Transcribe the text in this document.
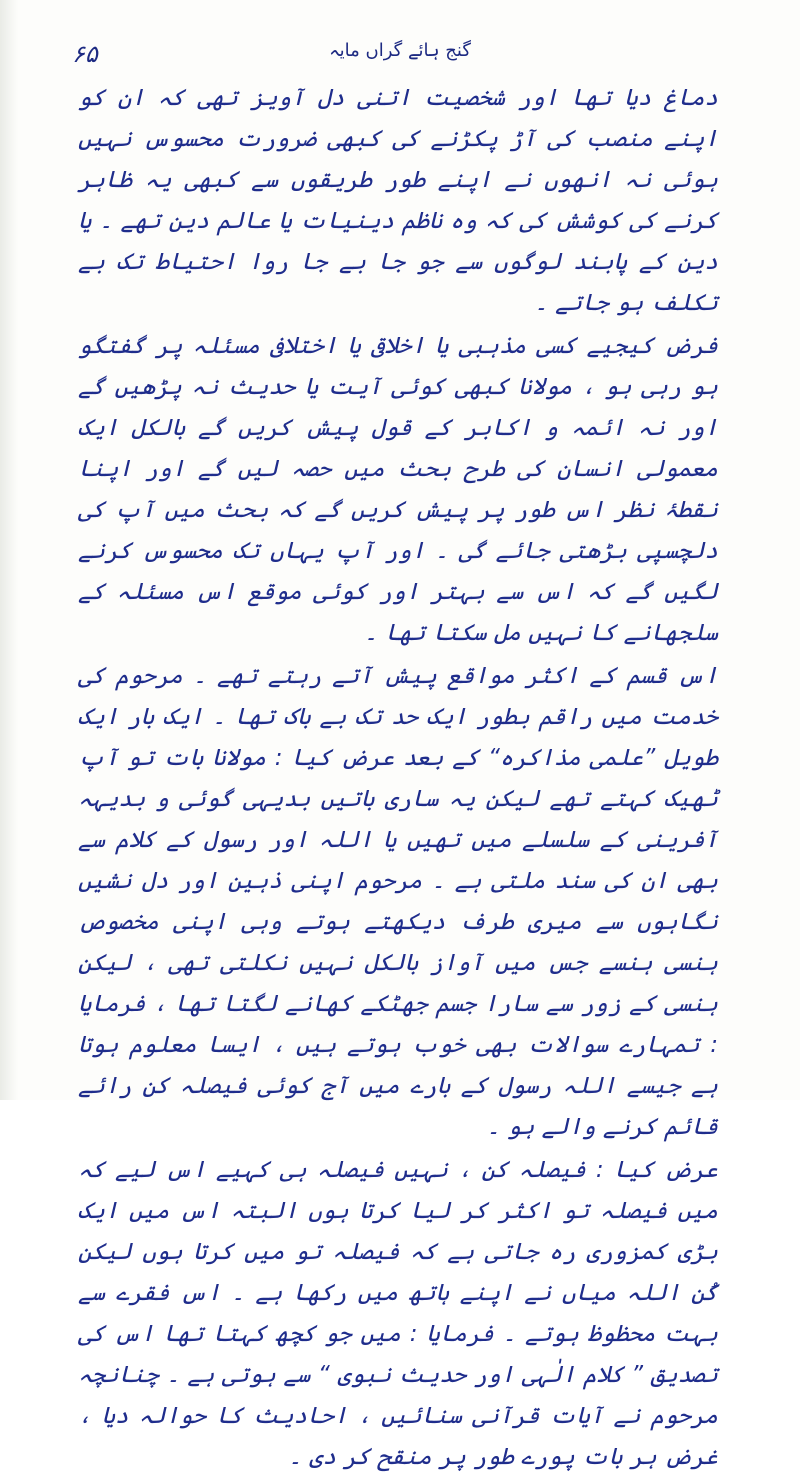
۶۵	گنج ہائے گراں مایہ

دماغ دیا تھا اور شخصیت اتنی دل آویز تھی کہ ان کو اپنے منصب کی آڑ پکڑنے کی کبھی ضرورت محسوس نہیں ہوئی نہ انھوں نے اپنے طور طریقوں سے کبھی یہ ظاہر کرنے کی کوشش کی کہ وہ ناظم دینیات یا عالم دین تھے ۔ یا دین کے پابند لوگوں سے جو جا بے جا روا احتیاط تک بے تکلف ہو جاتے ۔

فرض کیجیے کسی مذہبی یا اخلاقی یا اختلافی مسئلہ پر گفتگو ہو رہی ہو ، مولانا کبھی کوئی آیت یا حدیث نہ پڑھیں گے اور نہ ائمہ و اکابر کے قول پیش کریں گے بالکل ایک معمولی انسان کی طرح بحث میں حصہ لیں گے اور اپنا نقطۂ نظر اس طور پر پیش کریں گے کہ بحث میں آپ کی دلچسپی بڑھتی جائے گی ۔ اور آپ یہاں تک محسوس کرنے لگیں گے کہ اس سے بہتر اور کوئی موقع اس مسئلہ کے سلجھانے کا نہیں مل سکتا تھا ۔

اس قسم کے اکثر مواقع پیش آتے رہتے تھے ۔ مرحوم کی خدمت میں راقم بطور ایک حد تک بے باک تھا ۔ ایک بار ایک طویل ”علمی مذاکرہ“ کے بعد عرض کیا : مولانا بات تو آپ ٹھیک کہتے تھے لیکن یہ ساری باتیں بدیہی گوئی و بدیہہ آفرینی کے سلسلے میں تھیں یا اللہ اور رسول کے کلام سے بھی ان کی سند ملتی ہے ۔ مرحوم اپنی ذہین اور دل نشیں نگاہوں سے میری طرف دیکھتے ہوتے وہی اپنی مخصوص ہنسی ہنسے جس میں آواز بالکل نہیں نکلتی تھی ، لیکن ہنسی کے زور سے سارا جسم جھٹکے کھانے لگتا تھا ، فرمایا : تمہارے سوالات بھی خوب ہوتے ہیں ، ایسا معلوم ہوتا ہے جیسے اللہ رسول کے بارے میں آج کوئی فیصلہ کن رائے قائم کرنے والے ہو ۔

عرض کیا : فیصلہ کن ، نہیں فیصلہ ہی کہیے اس لیے کہ میں فیصلہ تو اکثر کر لیا کرتا ہوں البتہ اس میں ایک بڑی کمزوری رہ جاتی ہے کہ فیصلہ تو میں کرتا ہوں لیکن کُن اللہ میاں نے اپنے ہاتھ میں رکھا ہے ۔ اس فقرے سے بہت محظوظ ہوتے ۔ فرمایا : میں جو کچھ کہتا تھا اس کی تصدیق ” کلام الٰہی اور حدیث نبوی “ سے ہوتی ہے ۔ چنانچہ مرحوم نے آیات قرآنی سنائیں ، احادیث کا حوالہ دیا ، غرض ہر بات پورے طور پر منقح کر دی ۔
